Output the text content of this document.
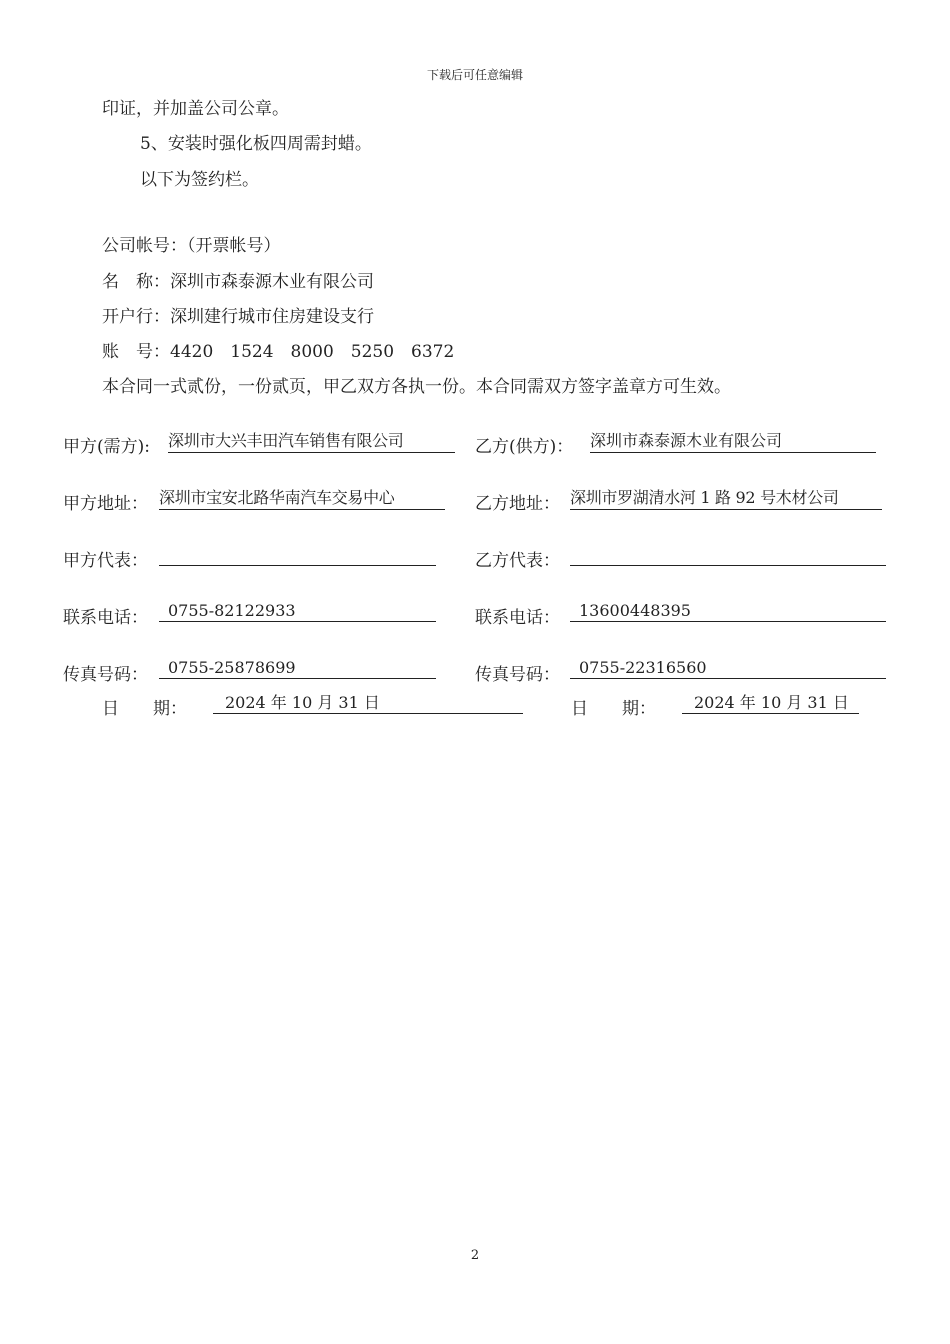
下载后可任意编辑
印证，并加盖公司公章。
5、安装时强化板四周需封蜡。
以下为签约栏。
公司帐号：（开票帐号）
名　称：深圳市森泰源木业有限公司
开户行：深圳建行城市住房建设支行
账　号：4420　1524　8000　5250　6372
本合同一式贰份，一份贰页，甲乙双方各执一份。本合同需双方签字盖章方可生效。
甲方(需方): 深圳市大兴丰田汽车销售有限公司	乙方(供方)： 深圳市森泰源木业有限公司
甲方地址： 深圳市宝安北路华南汽车交易中心	乙方地址： 深圳市罗湖清水河 1 路 92 号木材公司
甲方代表：	乙方代表：
联系电话：	0755-82122933	联系电话：	13600448395
传真号码：	0755-25878699	传真号码：	0755-22316560
日　　期：	2024 年 10 月 31 日	日　　期：	2024 年 10 月 31 日
2
